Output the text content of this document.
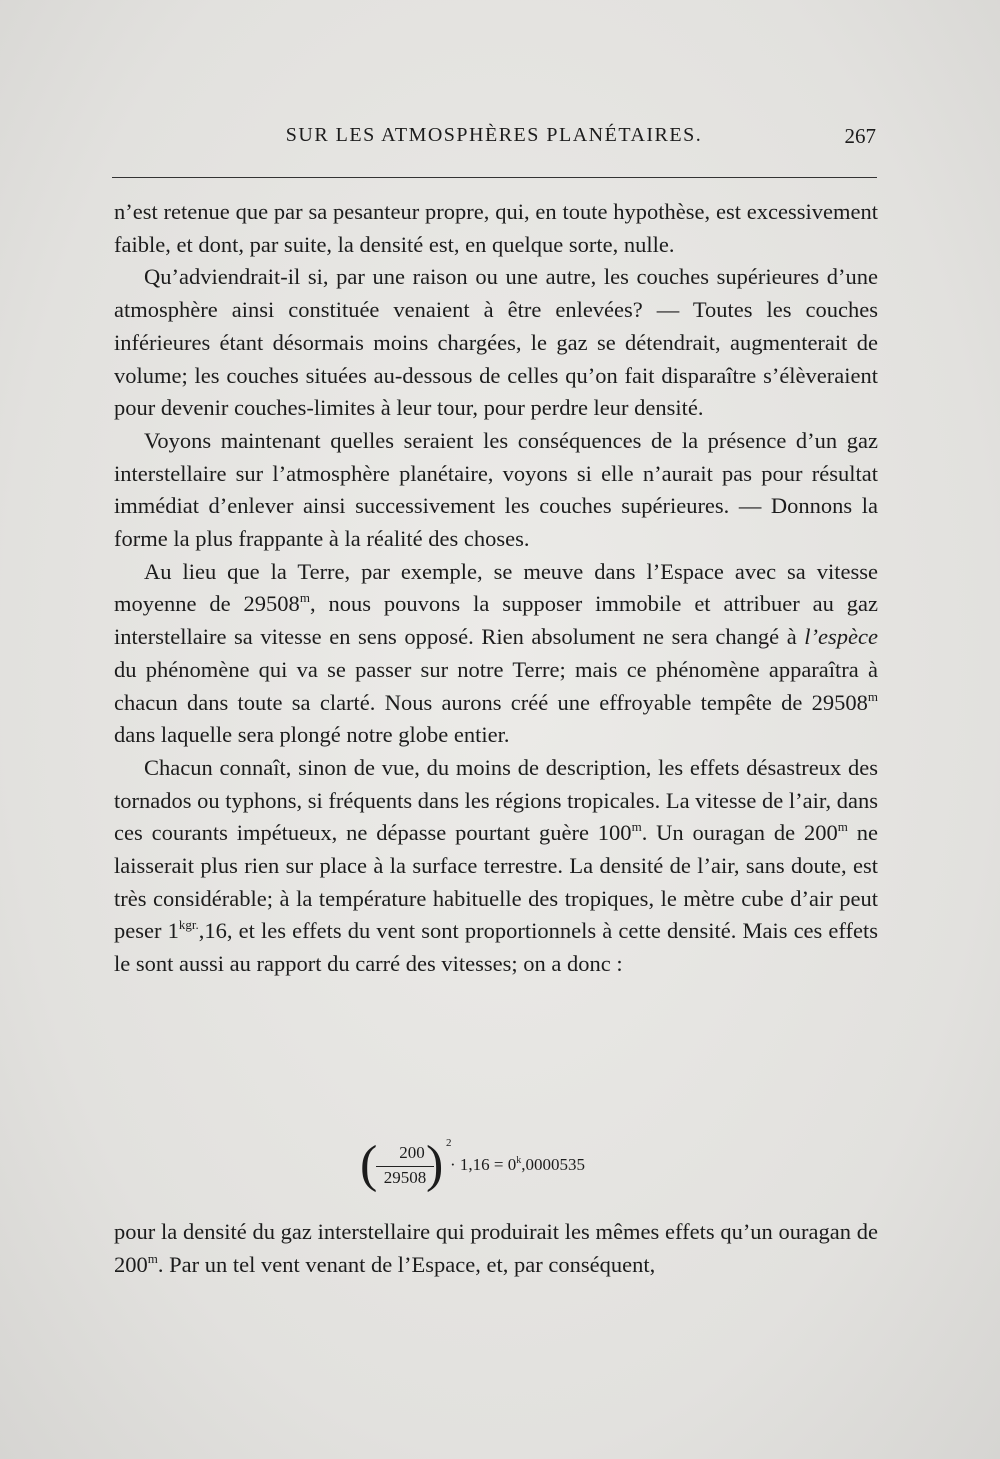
SUR LES ATMOSPHÈRES PLANÉTAIRES.	267

n’est retenue que par sa pesanteur propre, qui, en toute hypothèse, est excessivement faible, et dont, par suite, la densité est, en quelque sorte, nulle.

Qu’adviendrait-il si, par une raison ou une autre, les couches supérieures d’une atmosphère ainsi constituée venaient à être enlevées? — Toutes les couches inférieures étant désormais moins chargées, le gaz se détendrait, augmenterait de volume; les couches situées au-dessous de celles qu’on fait disparaître s’élèveraient pour devenir couches-limites à leur tour, pour perdre leur densité.

Voyons maintenant quelles seraient les conséquences de la présence d’un gaz interstellaire sur l’atmosphère planétaire, voyons si elle n’aurait pas pour résultat immédiat d’enlever ainsi successivement les couches supérieures. — Donnons la forme la plus frappante à la réalité des choses.

Au lieu que la Terre, par exemple, se meuve dans l’Espace avec sa vitesse moyenne de 29508$^m$, nous pouvons la supposer immobile et attribuer au gaz interstellaire sa vitesse en sens opposé. Rien absolument ne sera changé à l’espèce du phénomène qui va se passer sur notre Terre; mais ce phénomène apparaîtra à chacun dans toute sa clarté. Nous aurons créé une effroyable tempête de 29508$^m$ dans laquelle sera plongé notre globe entier.

Chacun connaît, sinon de vue, du moins de description, les effets désastreux des tornados ou typhons, si fréquents dans les régions tropicales. La vitesse de l’air, dans ces courants impétueux, ne dépasse pourtant guère 100$^m$. Un ouragan de 200$^m$ ne laisserait plus rien sur place à la surface terrestre. La densité de l’air, sans doute, est très considérable; à la température habituelle des tropiques, le mètre cube d’air peut peser $1^{kgr.},16$, et les effets du vent sont proportionnels à cette densité. Mais ces effets le sont aussi au rapport du carré des vitesses; on a donc :

(	200
29508 ) 2
· $1,16 = 0^k,0000535$

pour la densité du gaz interstellaire qui produirait les mêmes effets qu’un ouragan de 200$^m$. Par un tel vent venant de l’Espace, et, par conséquent,
